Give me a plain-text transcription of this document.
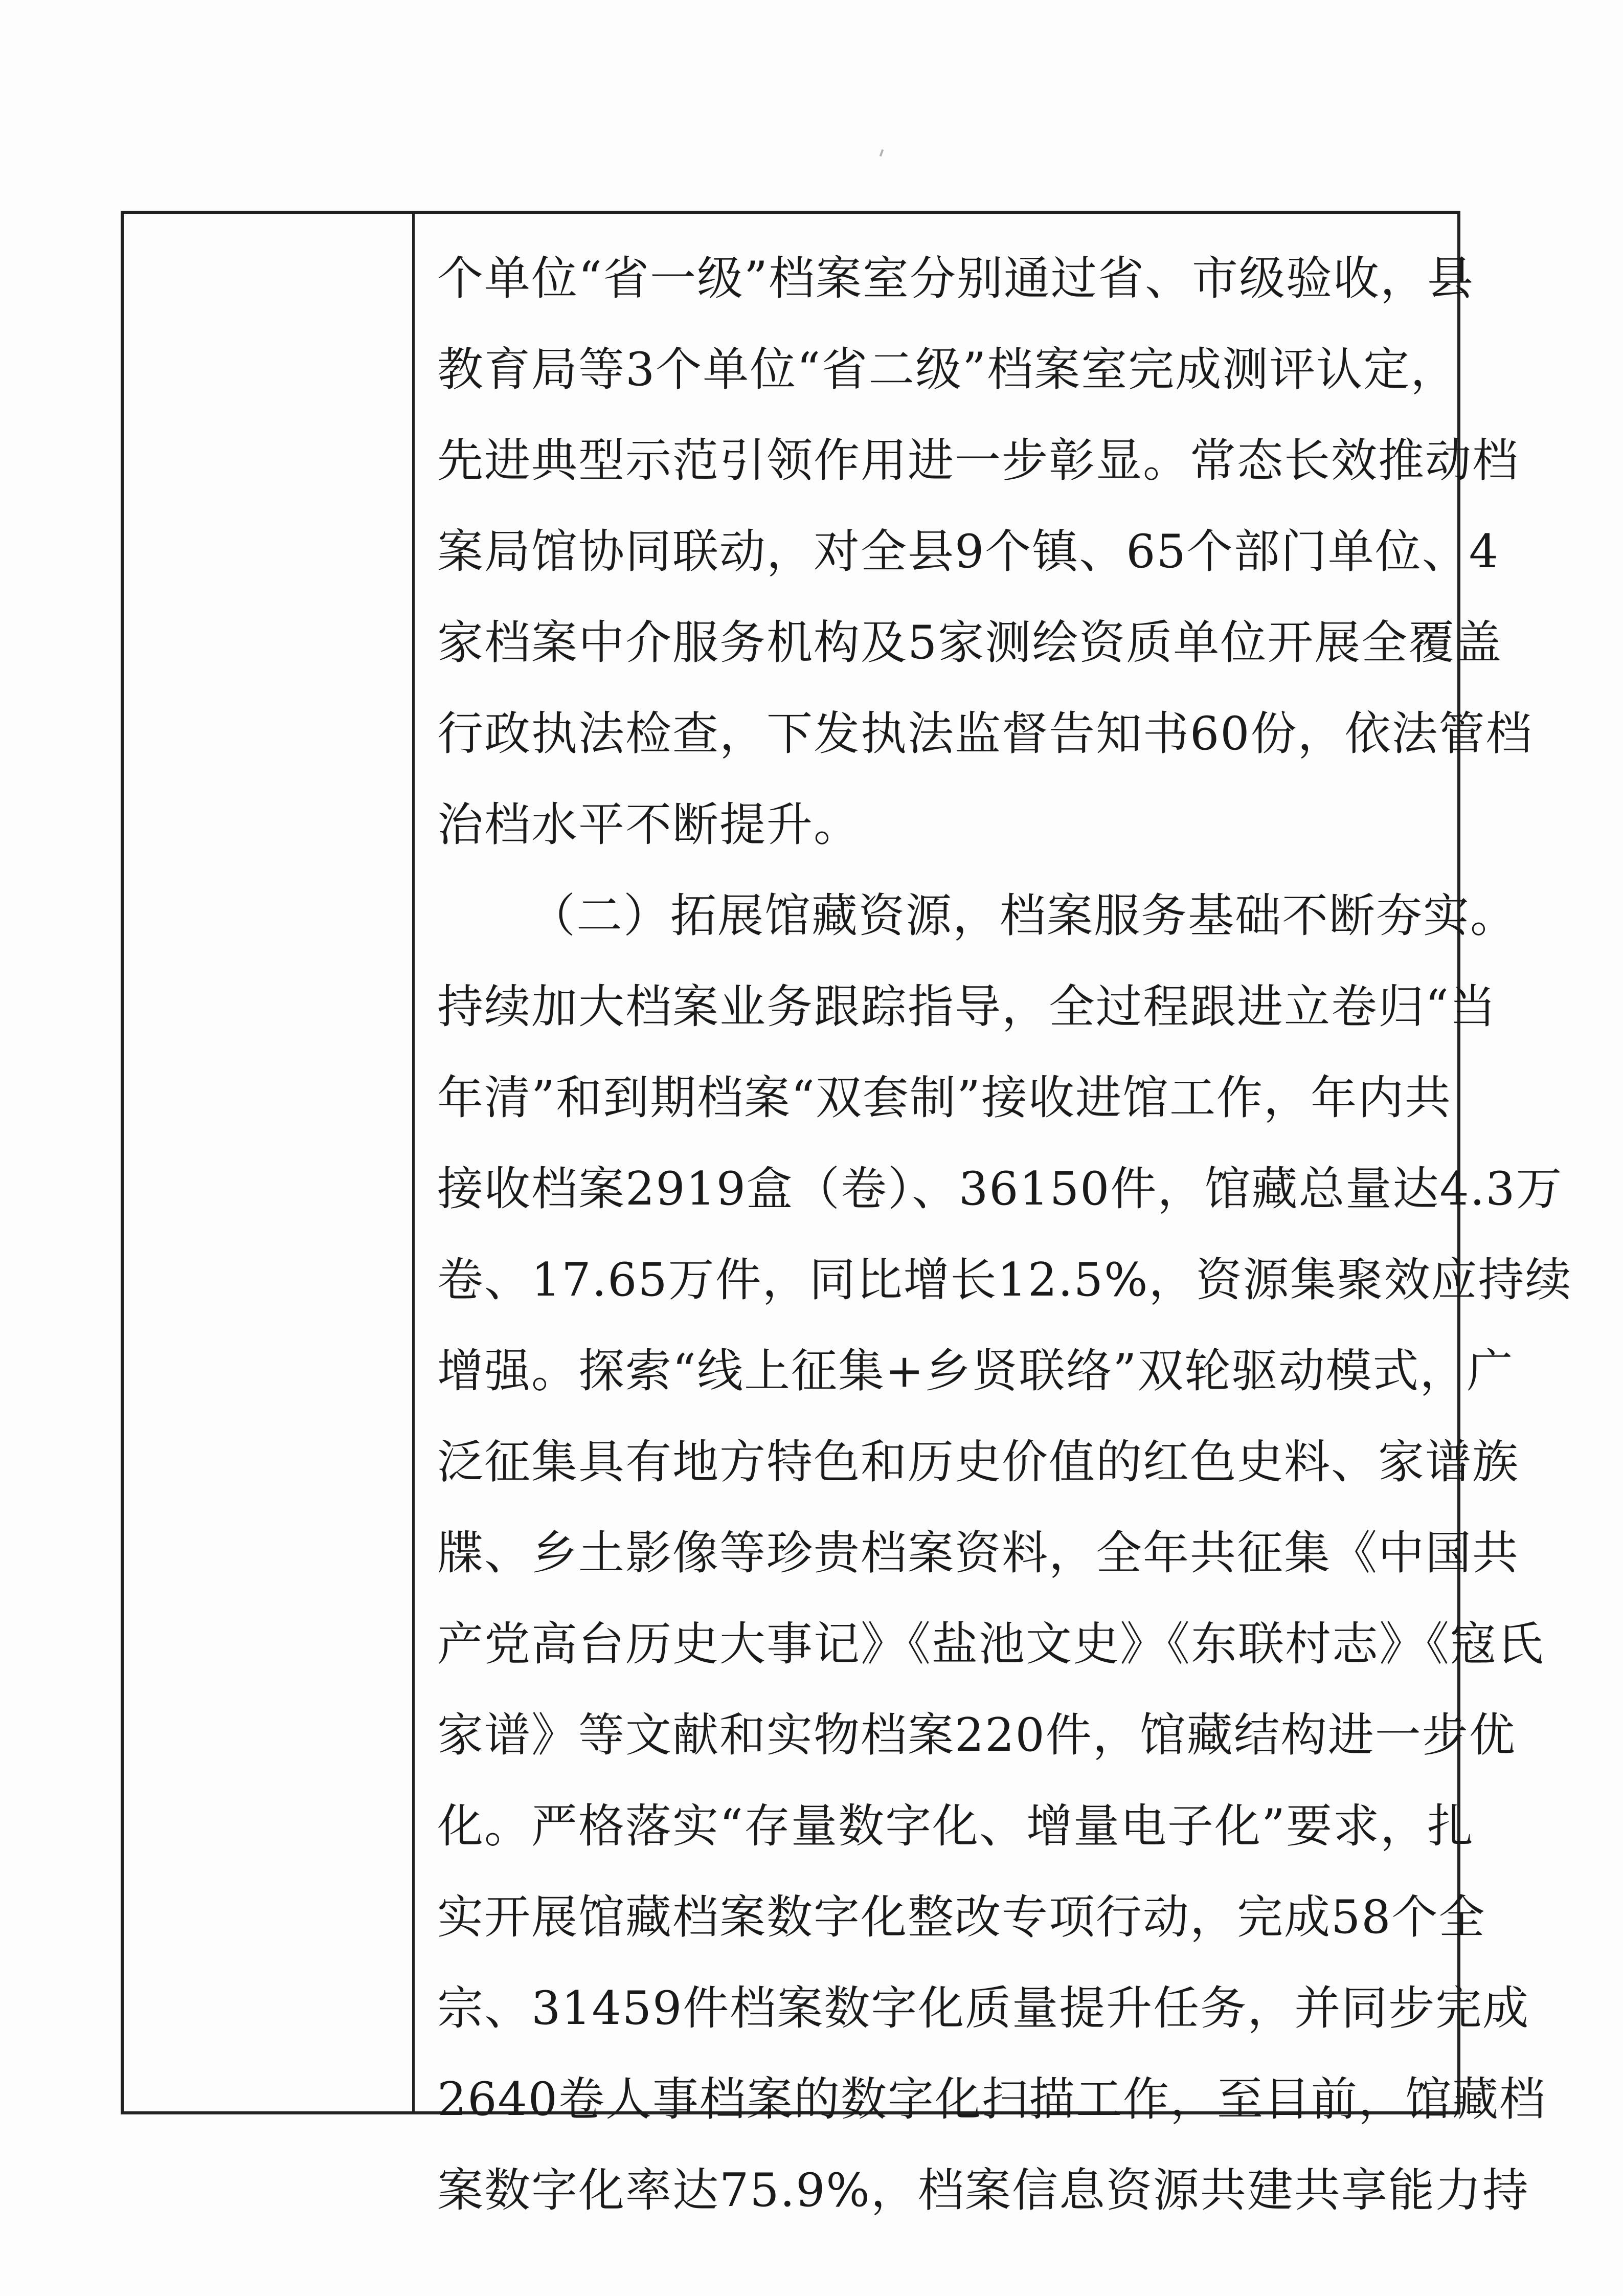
个单位“省一级”档案室分别通过省、市级验收，县
教育局等3个单位“省二级”档案室完成测评认定，
先进典型示范引领作用进一步彰显。常态长效推动档
案局馆协同联动，对全县9个镇、65个部门单位、4
家档案中介服务机构及5家测绘资质单位开展全覆盖
行政执法检查，下发执法监督告知书60份，依法管档
治档水平不断提升。
（二）拓展馆藏资源，档案服务基础不断夯实。
持续加大档案业务跟踪指导，全过程跟进立卷归“当
年清”和到期档案“双套制”接收进馆工作，年内共
接收档案2919盒（卷）、36150件，馆藏总量达4.3万
卷、17.65万件，同比增长12.5%，资源集聚效应持续
增强。探索“线上征集+乡贤联络”双轮驱动模式，广
泛征集具有地方特色和历史价值的红色史料、家谱族
牒、乡土影像等珍贵档案资料，全年共征集《中国共
产党高台历史大事记》《盐池文史》《东联村志》《寇氏
家谱》等文献和实物档案220件，馆藏结构进一步优
化。严格落实“存量数字化、增量电子化”要求，扎
实开展馆藏档案数字化整改专项行动，完成58个全
宗、31459件档案数字化质量提升任务，并同步完成
2640卷人事档案的数字化扫描工作，至目前，馆藏档
案数字化率达75.9%，档案信息资源共建共享能力持
